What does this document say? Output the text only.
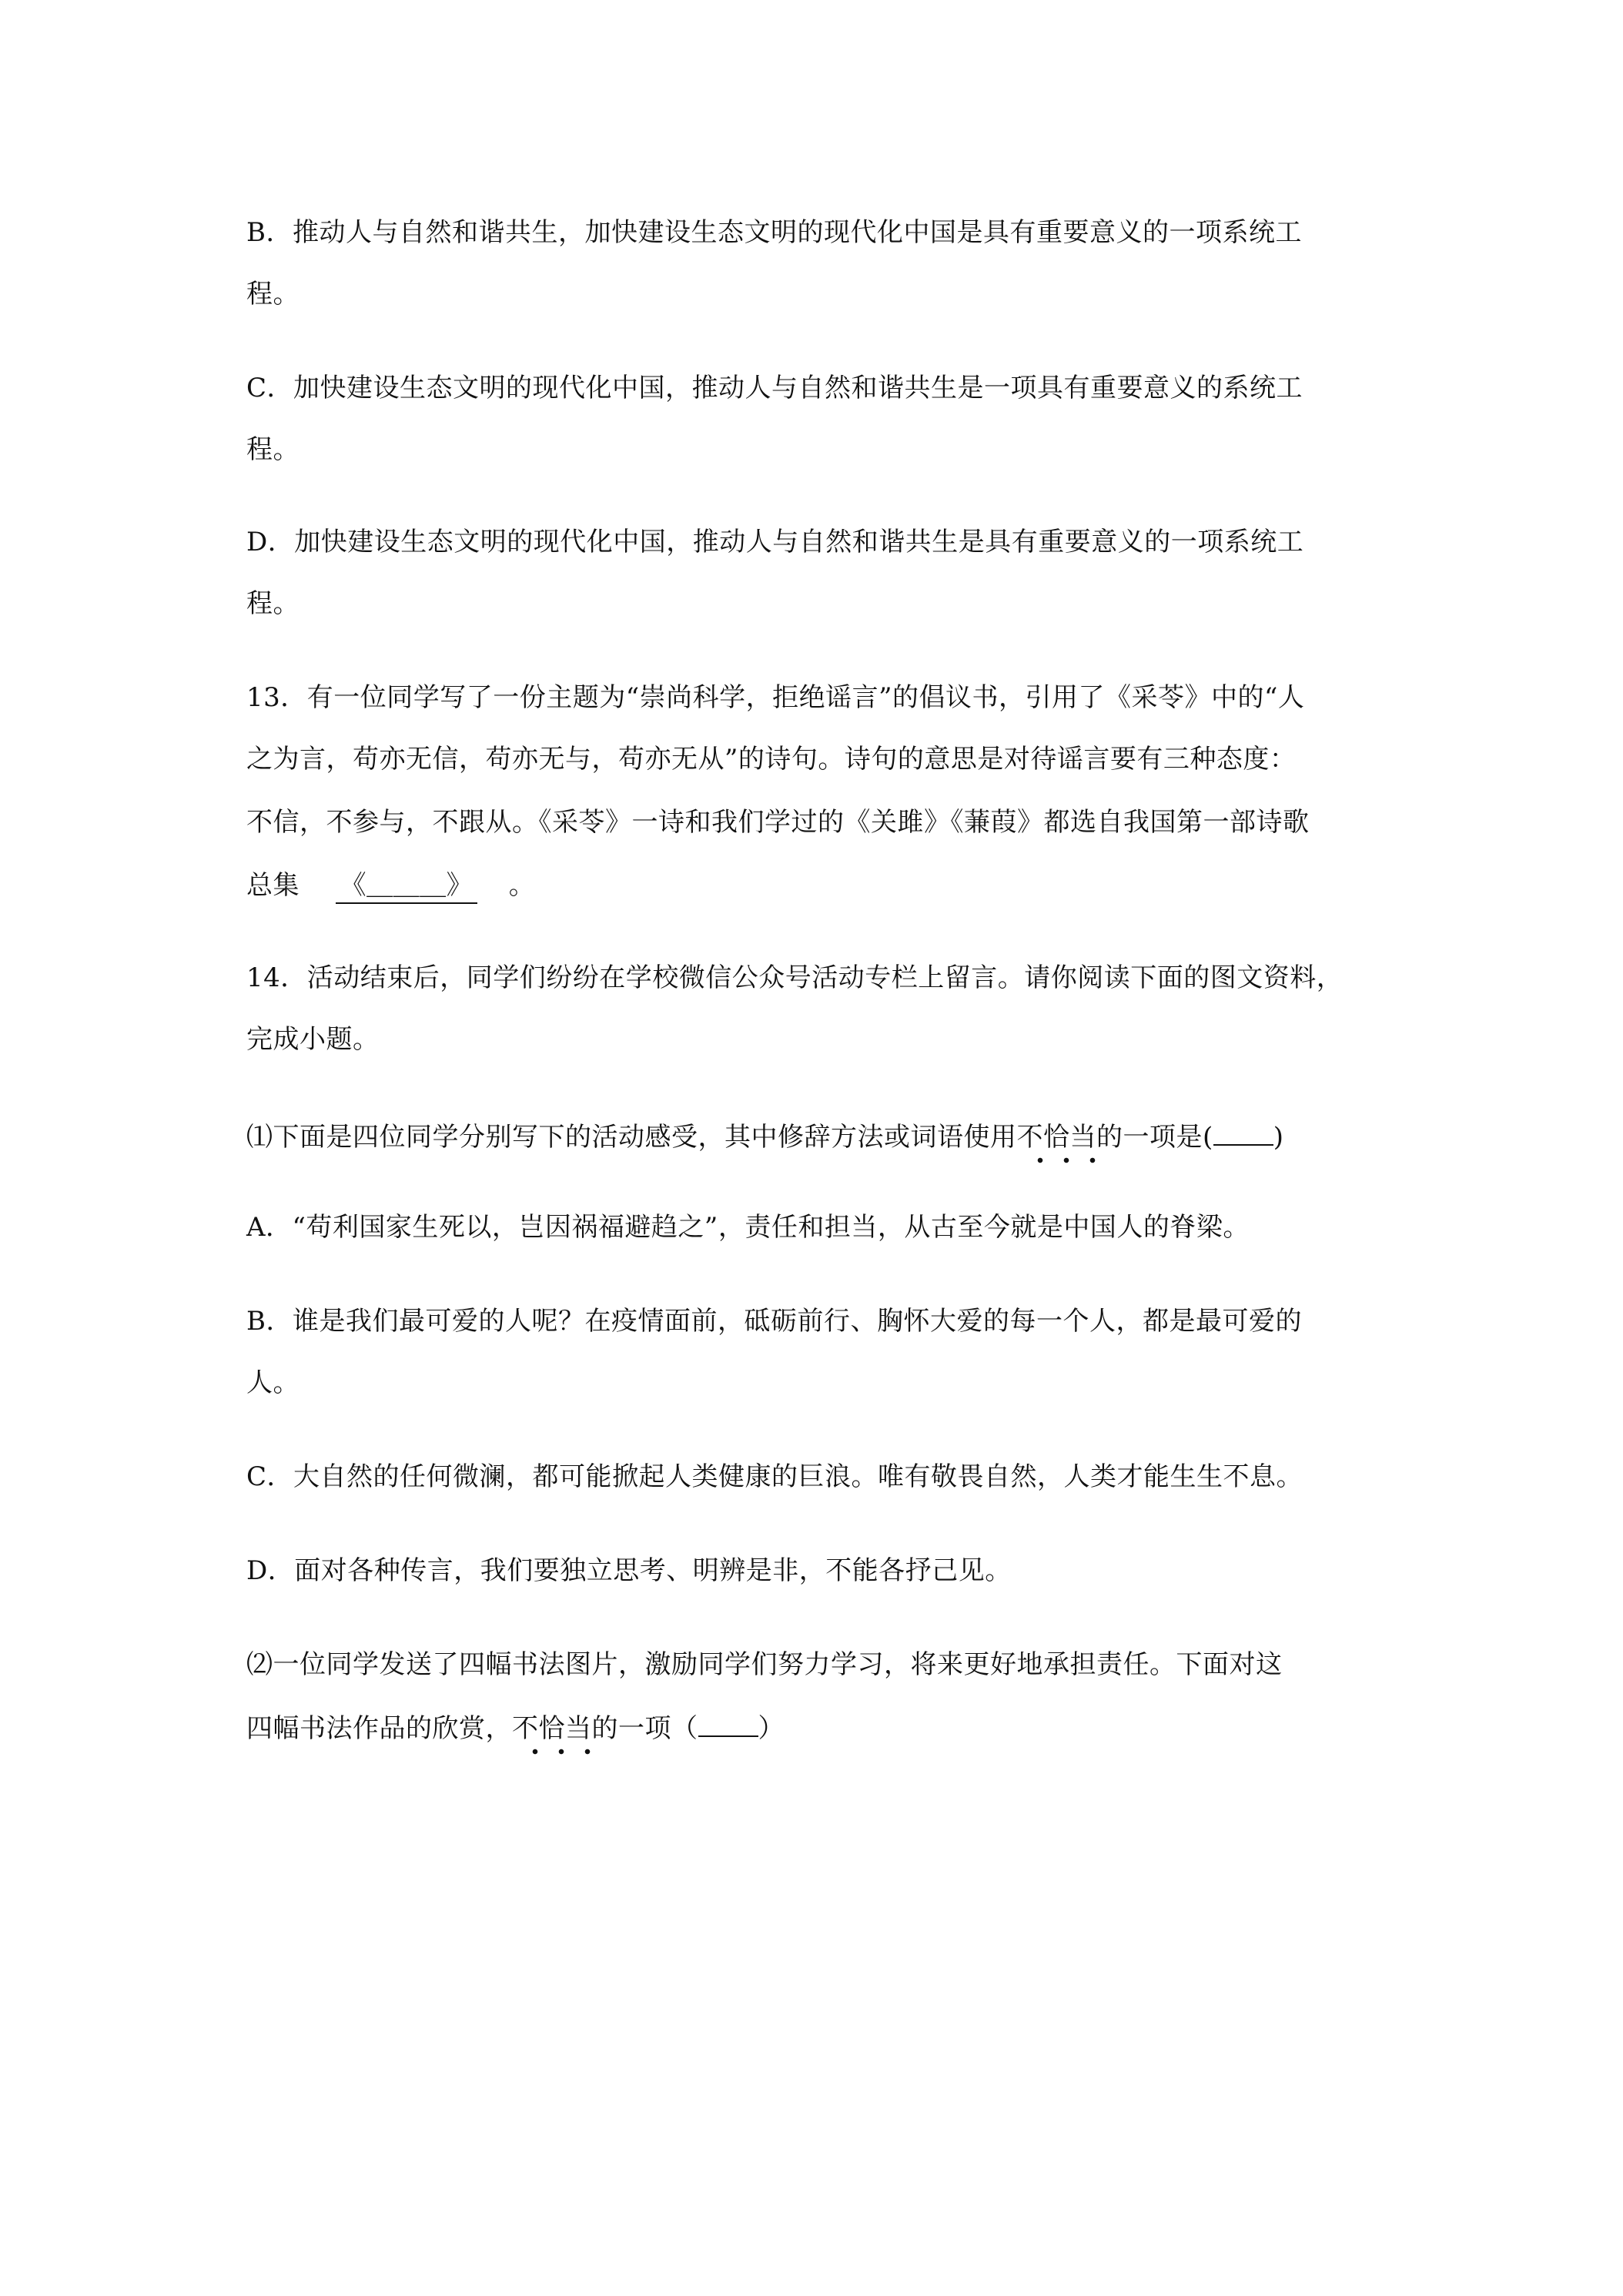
B．推动人与自然和谐共生，加快建设生态文明的现代化中国是具有重要意义的一项系统工
程。
C．加快建设生态文明的现代化中国，推动人与自然和谐共生是一项具有重要意义的系统工
程。
D．加快建设生态文明的现代化中国，推动人与自然和谐共生是具有重要意义的一项系统工
程。
13．有一位同学写了一份主题为“崇尚科学，拒绝谣言”的倡议书，引用了《采苓》中的“人
之为言，苟亦无信，苟亦无与，苟亦无从”的诗句。诗句的意思是对待谣言要有三种态度：
不信，不参与，不跟从。《采苓》一诗和我们学过的《关雎》《蒹葭》都选自我国第一部诗歌
总集 《＿＿＿》 。
14．活动结束后，同学们纷纷在学校微信公众号活动专栏上留言。请你阅读下面的图文资料，
完成小题。
⑴下面是四位同学分别写下的活动感受，其中修辞方法或词语使用不恰当的一项是( )
A．“苟利国家生死以，岂因祸福避趋之”，责任和担当，从古至今就是中国人的脊梁。
B．谁是我们最可爱的人呢？在疫情面前，砥砺前行、胸怀大爱的每一个人，都是最可爱的
人。
C．大自然的任何微澜，都可能掀起人类健康的巨浪。唯有敬畏自然，人类才能生生不息。
D．面对各种传言，我们要独立思考、明辨是非，不能各抒己见。
⑵一位同学发送了四幅书法图片，激励同学们努力学习，将来更好地承担责任。下面对这
四幅书法作品的欣赏，不恰当的一项（ ）
